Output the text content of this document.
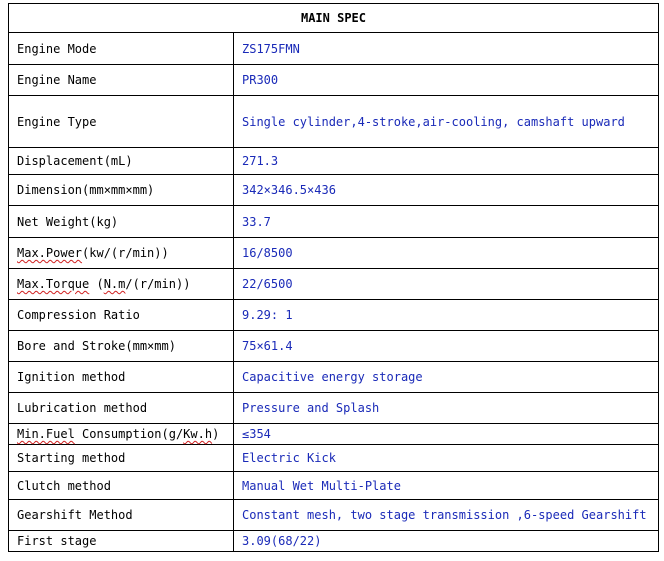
MAIN SPEC	
Engine Mode	ZS175FMN
Engine Name	PR300
Engine Type	Single cylinder,4-stroke,air-cooling, camshaft upward
Displacement(mL)	271.3
Dimension(mm×mm×mm)	342×346.5×436
Net Weight(kg)	33.7
Max.Power(kw/(r/min))	16/8500
Max.Torque (N.m/(r/min))	22/6500
Compression Ratio	9.29: 1
Bore and Stroke(mm×mm)	75×61.4
Ignition method	Capacitive energy storage
Lubrication method	Pressure and Splash
Min.Fuel Consumption(g/Kw.h)	≤354
Starting method	Electric Kick
Clutch method	Manual Wet Multi-Plate
Gearshift Method	Constant mesh, two stage transmission ,6-speed Gearshift
First stage	3.09(68/22)
